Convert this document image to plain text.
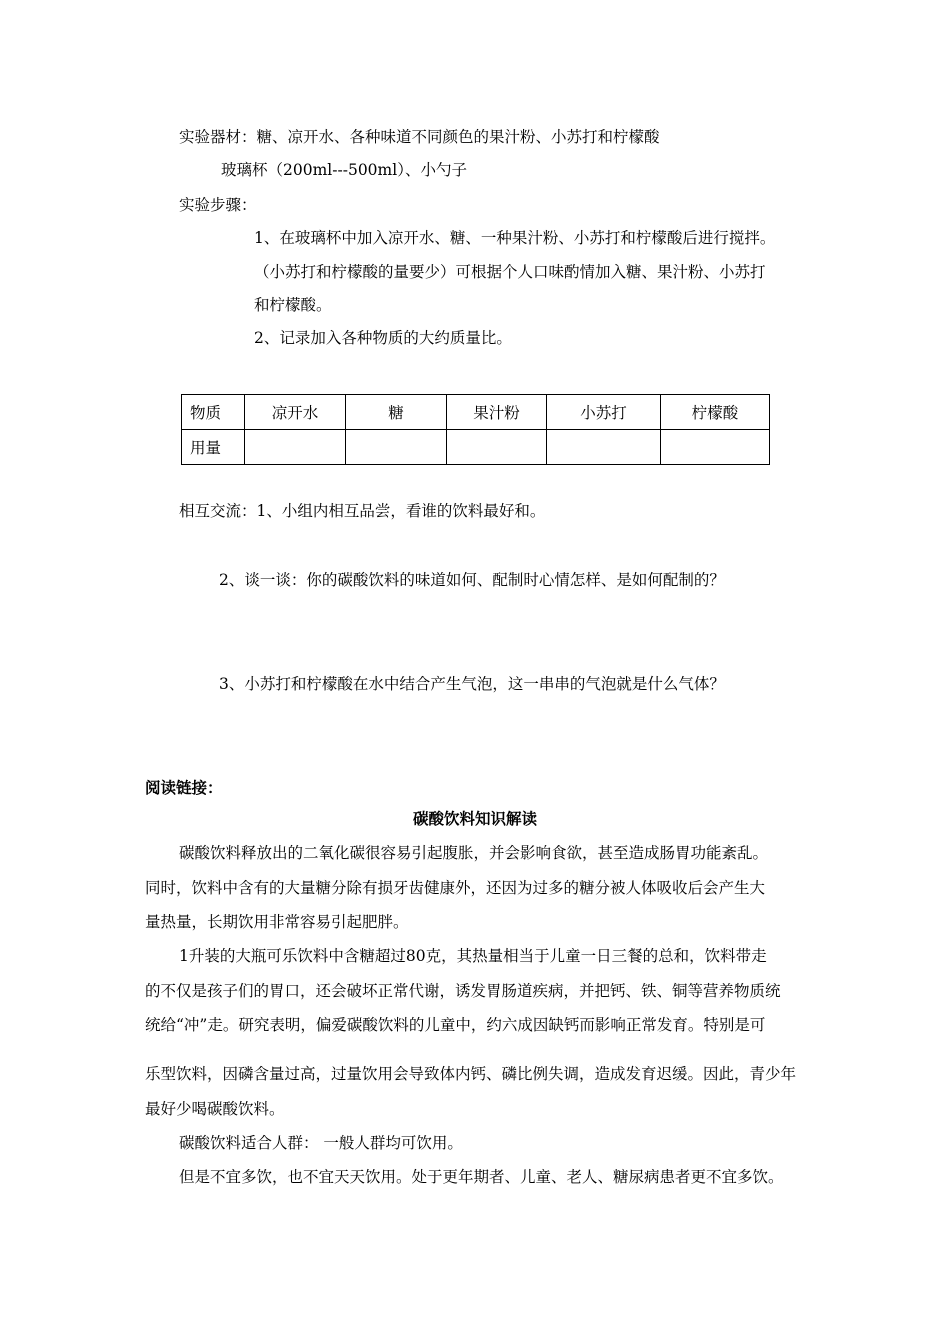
实验器材：糖、凉开水、各种味道不同颜色的果汁粉、小苏打和柠檬酸
玻璃杯（200ml---500ml）、小勺子
实验步骤：
1、在玻璃杯中加入凉开水、糖、一种果汁粉、小苏打和柠檬酸后进行搅拌。
（小苏打和柠檬酸的量要少）可根据个人口味酌情加入糖、果汁粉、小苏打
和柠檬酸。
2、记录加入各种物质的大约质量比。
物质	凉开水	糖	果汁粉	小苏打	柠檬酸
用量					
相互交流：1、小组内相互品尝，看谁的饮料最好和。
2、谈一谈：你的碳酸饮料的味道如何、配制时心情怎样、是如何配制的？
3、小苏打和柠檬酸在水中结合产生气泡，这一串串的气泡就是什么气体？
阅读链接：
碳酸饮料知识解读
碳酸饮料释放出的二氧化碳很容易引起腹胀，并会影响食欲，甚至造成肠胃功能紊乱。
同时，饮料中含有的大量糖分除有损牙齿健康外，还因为过多的糖分被人体吸收后会产生大
量热量，长期饮用非常容易引起肥胖。
1升装的大瓶可乐饮料中含糖超过80克，其热量相当于儿童一日三餐的总和，饮料带走
的不仅是孩子们的胃口，还会破坏正常代谢，诱发胃肠道疾病，并把钙、铁、铜等营养物质统
统给“冲”走。研究表明，偏爱碳酸饮料的儿童中，约六成因缺钙而影响正常发育。特别是可
乐型饮料，因磷含量过高，过量饮用会导致体内钙、磷比例失调，造成发育迟缓。因此，青少年
最好少喝碳酸饮料。
碳酸饮料适合人群： 一般人群均可饮用。
但是不宜多饮，也不宜天天饮用。处于更年期者、儿童、老人、糖尿病患者更不宜多饮。
